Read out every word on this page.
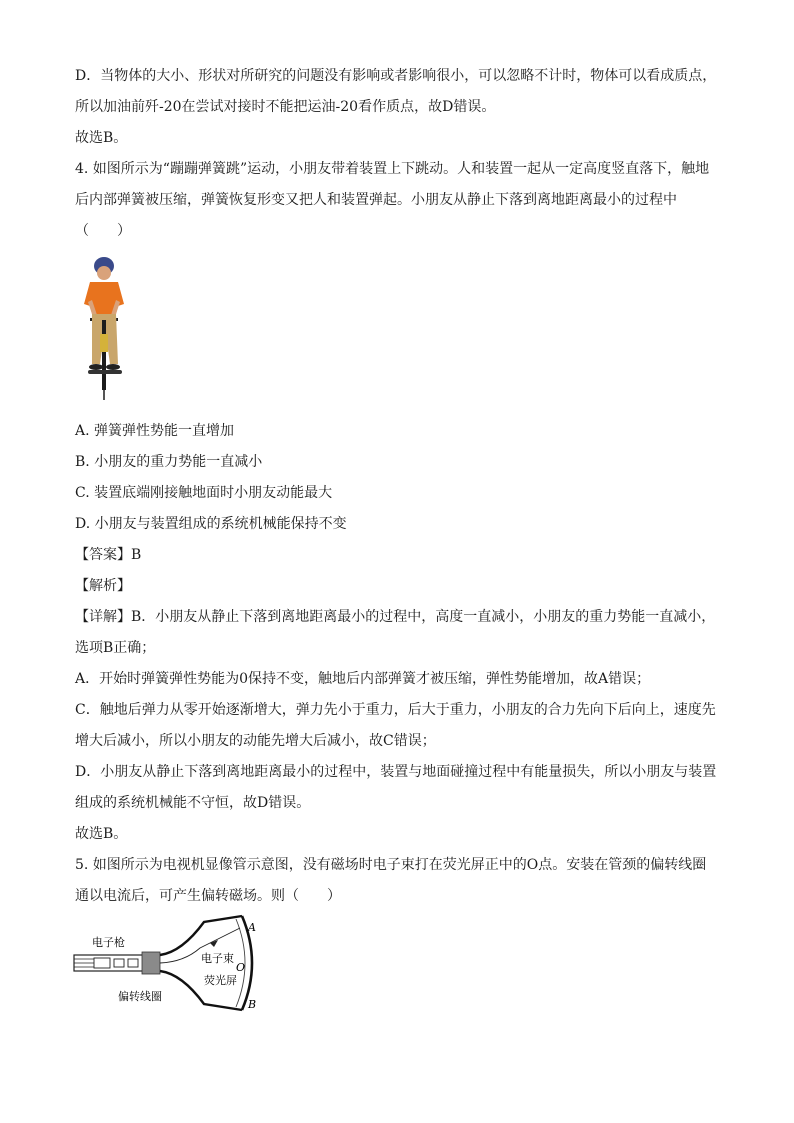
D．当物体的大小、形状对所研究的问题没有影响或者影响很小，可以忽略不计时，物体可以看成质点，
所以加油前歼-20在尝试对接时不能把运油-20看作质点，故D错误。
故选B。
4. 如图所示为“蹦蹦弹簧跳”运动，小朋友带着装置上下跳动。人和装置一起从一定高度竖直落下，触地
后内部弹簧被压缩，弹簧恢复形变又把人和装置弹起。小朋友从静止下落到离地距离最小的过程中
（　　）
A. 弹簧弹性势能一直增加
B. 小朋友的重力势能一直减小
C. 装置底端刚接触地面时小朋友动能最大
D. 小朋友与装置组成的系统机械能保持不变
【答案】B
【解析】
【详解】B．小朋友从静止下落到离地距离最小的过程中，高度一直减小，小朋友的重力势能一直减小，
选项B正确；
A．开始时弹簧弹性势能为0保持不变，触地后内部弹簧才被压缩，弹性势能增加，故A错误；
C．触地后弹力从零开始逐渐增大，弹力先小于重力，后大于重力，小朋友的合力先向下后向上，速度先
增大后减小，所以小朋友的动能先增大后减小，故C错误；
D．小朋友从静止下落到离地距离最小的过程中，装置与地面碰撞过程中有能量损失，所以小朋友与装置
组成的系统机械能不守恒，故D错误。
故选B。
5. 如图所示为电视机显像管示意图，没有磁场时电子束打在荧光屏正中的O点。安装在管颈的偏转线圈
通以电流后，可产生偏转磁场。则（　　）
电子枪
偏转线圈
电子束
荧光屏
A
O
B
